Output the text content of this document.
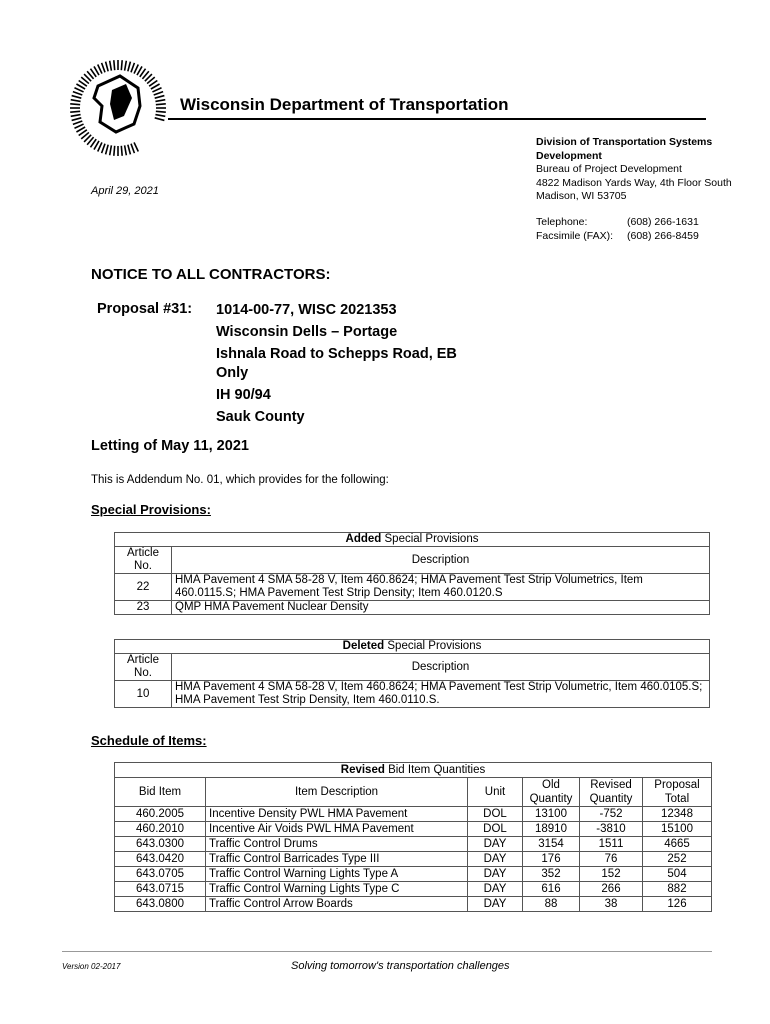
Wisconsin Department of Transportation
Division of Transportation Systems
Development
Bureau of Project Development
4822 Madison Yards Way, 4th Floor South
Madison, WI 53705
Telephone:	(608) 266-1631
Facsimile (FAX): (608) 266-8459
April 29, 2021
NOTICE TO ALL CONTRACTORS:
Proposal #31: 1014-00-77, WISC 2021353
Wisconsin Dells – Portage
Ishnala Road to Schepps Road, EB Only
IH 90/94
Sauk County
Letting of May 11, 2021
This is Addendum No. 01, which provides for the following:
Special Provisions:
Added Special Provisions	
Article No.	Description
22	HMA Pavement 4 SMA 58-28 V, Item 460.8624; HMA Pavement Test Strip Volumetrics, Item 460.0115.S; HMA Pavement Test Strip Density; Item 460.0120.S
23	QMP HMA Pavement Nuclear Density
Deleted Special Provisions	
Article No.	Description
10	HMA Pavement 4 SMA 58-28 V, Item 460.8624; HMA Pavement Test Strip Volumetric, Item 460.0105.S; HMA Pavement Test Strip Density, Item 460.0110.S.
Schedule of Items:
Revised Bid Item Quantities					
Bid Item	Item Description	Unit	Old Quantity	Revised Quantity	Proposal Total
460.2005	Incentive Density PWL HMA Pavement	DOL	13100	-752	12348
460.2010	Incentive Air Voids PWL HMA Pavement	DOL	18910	-3810	15100
643.0300	Traffic Control Drums	DAY	3154	1511	4665
643.0420	Traffic Control Barricades Type III	DAY	176	76	252
643.0705	Traffic Control Warning Lights Type A	DAY	352	152	504
643.0715	Traffic Control Warning Lights Type C	DAY	616	266	882
643.0800	Traffic Control Arrow Boards	DAY	88	38	126
Version 02-2017	Solving tomorrow's transportation challenges
